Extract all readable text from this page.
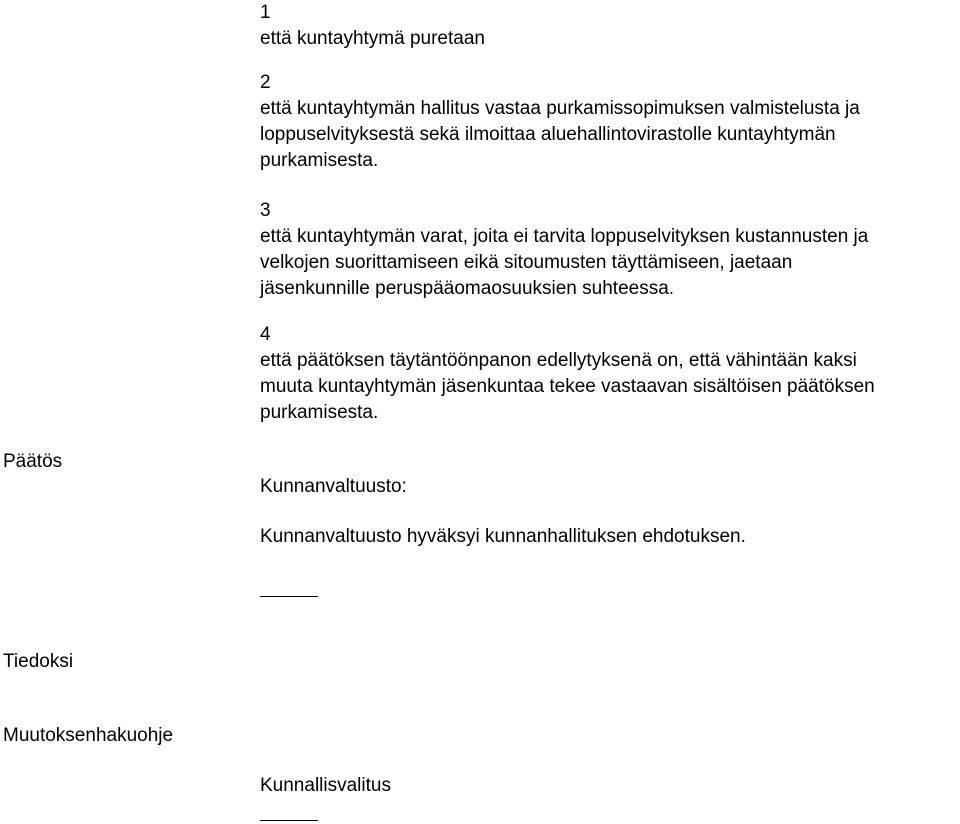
1
että kuntayhtymä puretaan
2
että kuntayhtymän hallitus vastaa purkamissopimuksen valmistelusta ja
loppuselvityksestä sekä ilmoittaa aluehallintovirastolle kuntayhtymän
purkamisesta.
3
että kuntayhtymän varat, joita ei tarvita loppuselvityksen kustannusten ja
velkojen suorittamiseen eikä sitoumusten täyttämiseen, jaetaan
jäsenkunnille peruspääomaosuuksien suhteessa.
4
että päätöksen täytäntöönpanon edellytyksenä on, että vähintään kaksi
muuta kuntayhtymän jäsenkuntaa tekee vastaavan sisältöisen päätöksen
purkamisesta.
Päätös
Kunnanvaltuusto:
Kunnanvaltuusto hyväksyi kunnanhallituksen ehdotuksen.
Tiedoksi
Muutoksenhakuohje
Kunnallisvalitus
